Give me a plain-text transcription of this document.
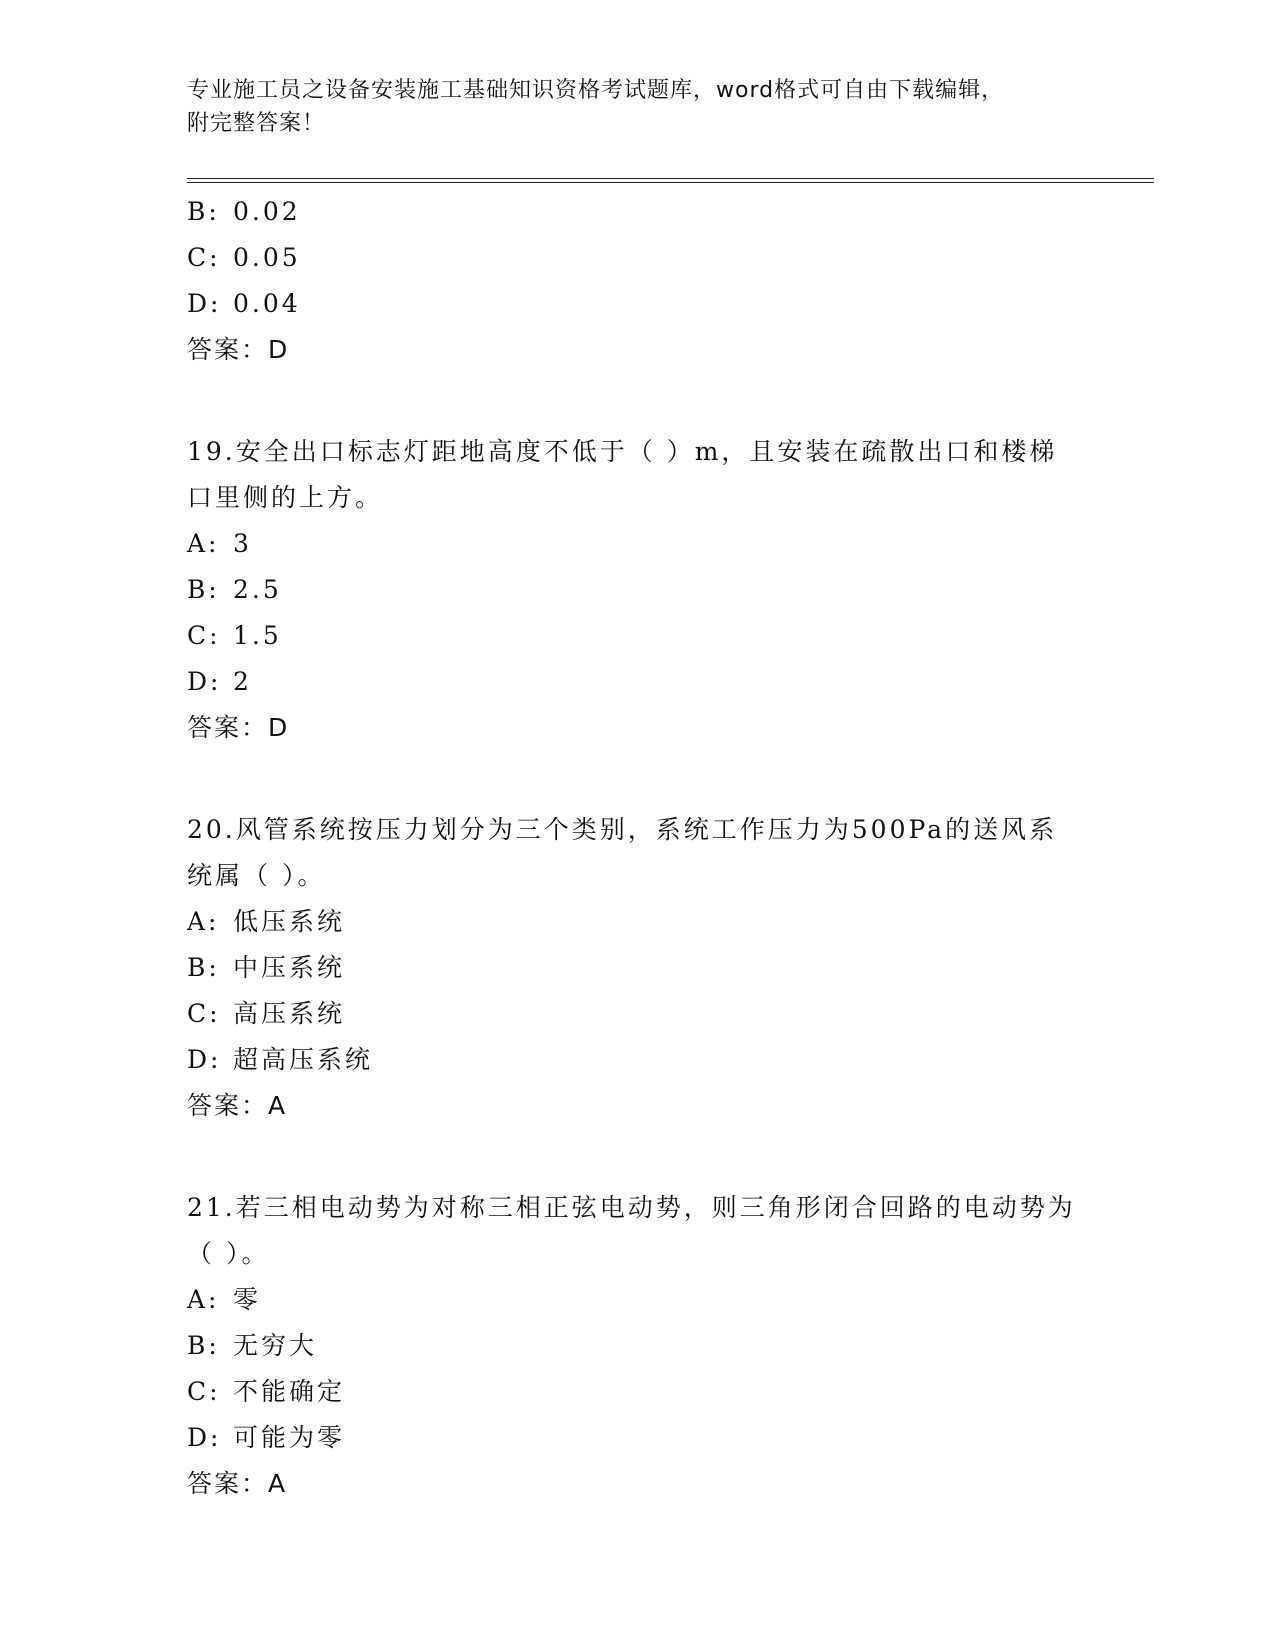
专业施工员之设备安装施工基础知识资格考试题库，word格式可自由下载编辑，
附完整答案！
B: 0.02
C: 0.05
D: 0.04
答案：D
19.安全出口标志灯距地高度不低于（ ）m，且安装在疏散出口和楼梯口里侧的上方。
A: 3
B: 2.5
C: 1.5
D: 2
答案：D
20.风管系统按压力划分为三个类别，系统工作压力为500Pa的送风系统属（ ）。
A: 低压系统
B: 中压系统
C: 高压系统
D: 超高压系统
答案：A
21.若三相电动势为对称三相正弦电动势，则三角形闭合回路的电动势为（ ）。
A: 零
B: 无穷大
C: 不能确定
D: 可能为零
答案：A
